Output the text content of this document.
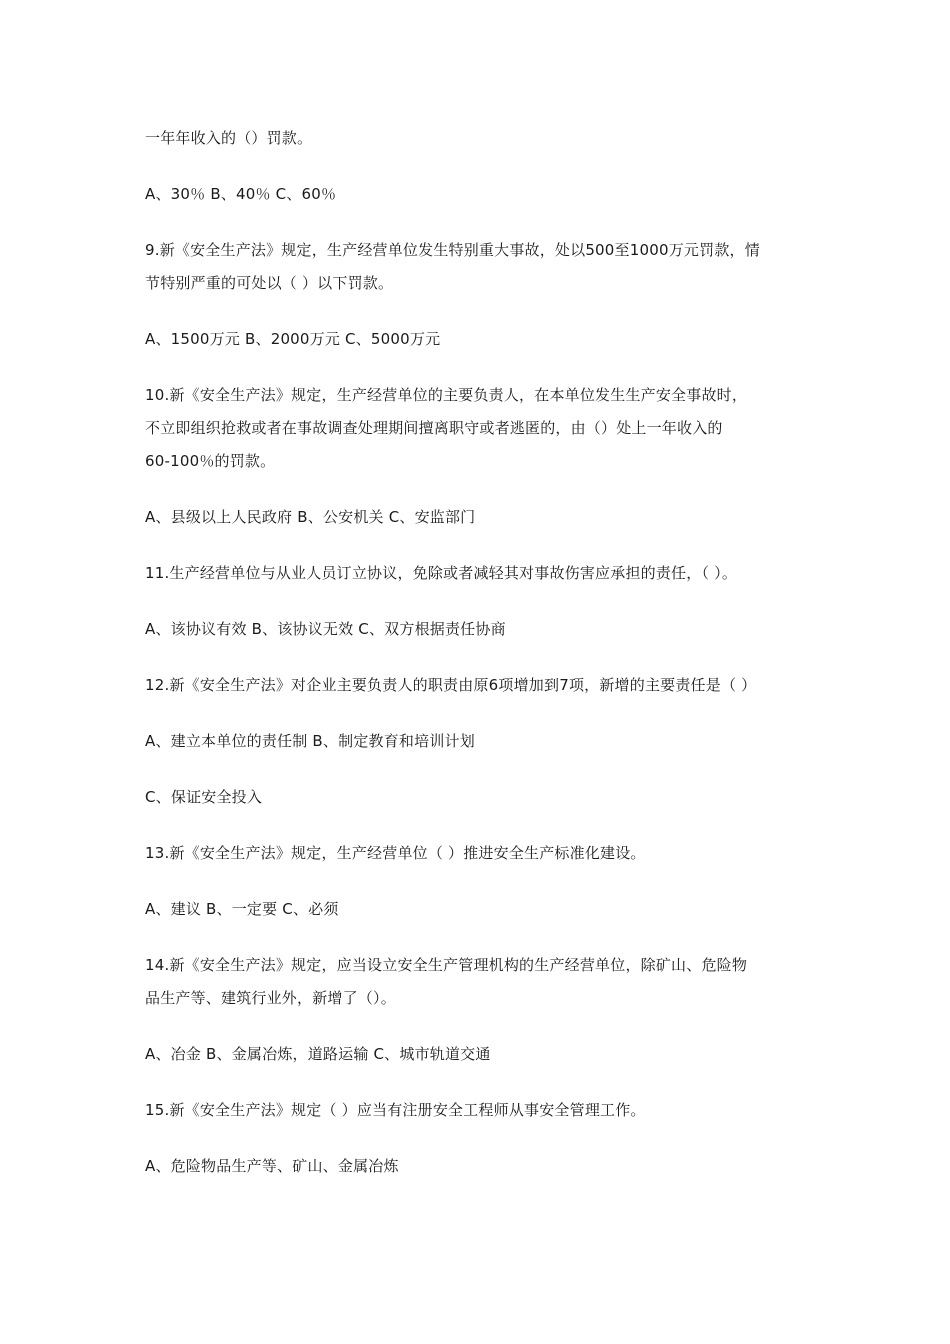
一年年收入的（）罚款。
A、30％ B、40％ C、60％
9.新《安全生产法》规定，生产经营单位发生特别重大事故，处以500至1000万元罚款，情
节特别严重的可处以（ ）以下罚款。
A、1500万元 B、2000万元 C、5000万元
10.新《安全生产法》规定，生产经营单位的主要负责人，在本单位发生生产安全事故时，
不立即组织抢救或者在事故调查处理期间擅离职守或者逃匿的，由（）处上一年收入的
60-100％的罚款。
A、县级以上人民政府 B、公安机关 C、安监部门
11.生产经营单位与从业人员订立协议，免除或者减轻其对事故伤害应承担的责任，（ ）。
A、该协议有效 B、该协议无效 C、双方根据责任协商
12.新《安全生产法》对企业主要负责人的职责由原6项增加到7项，新增的主要责任是（ ）
A、建立本单位的责任制 B、制定教育和培训计划
C、保证安全投入
13.新《安全生产法》规定，生产经营单位（ ）推进安全生产标准化建设。
A、建议 B、一定要 C、必须
14.新《安全生产法》规定，应当设立安全生产管理机构的生产经营单位，除矿山、危险物
品生产等、建筑行业外，新增了（）。
A、冶金 B、金属冶炼，道路运输 C、城市轨道交通
15.新《安全生产法》规定（ ）应当有注册安全工程师从事安全管理工作。
A、危险物品生产等、矿山、金属冶炼
